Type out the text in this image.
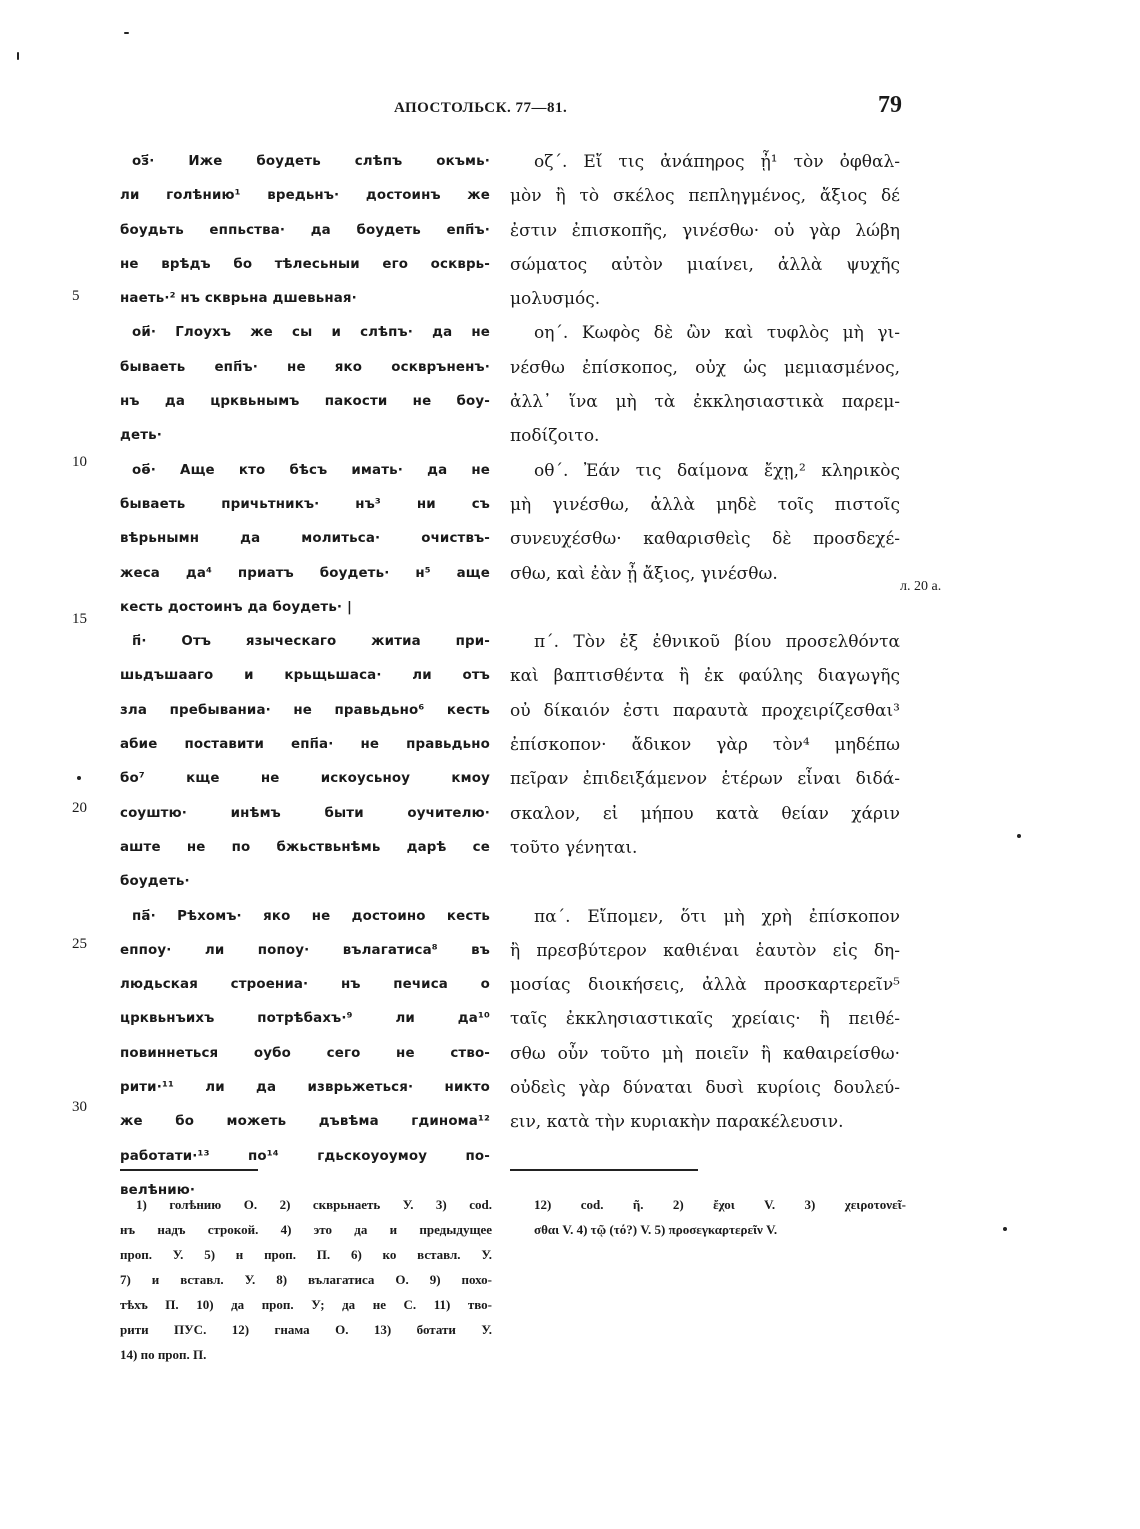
АПОСТОЛЬСК. 77—81.	79
5
10
15
20
25
30
оз҃· Иже боудеть слѣпъ окъмь·
ли голѣнию¹ вредьнъ· достоинъ же
боудьть еппьства· да боудеть епп҃ъ·
не врѣдъ бо тѣлесьныи его оскврь-
наеть·² нъ скврьна дшевьная·
ои҃· Глоухъ же сы и слѣпъ· да не
бываеть епп҃ъ· не яко осквръненъ·
нъ да црквьнымъ пакости не боу-
деть·
оѳ҃· Аще кто бѣсъ имать· да не
бываеть причьтникъ· нъ³ ни съ
вѣрьнымн да молитьса· очиствъ-
жеса да⁴ приатъ боудеть· н⁵ аще
кесть достоинъ да боудеть· |
п҃· Отъ языческаго житиа при-
шьдъшааго и крьщьшаса· ли отъ
зла пребываниа· не правьдьно⁶ кесть
абие поставити епп҃а· не правьдьно
бо⁷ кще не искоусьноу кмоу
соуштю· инѣмъ быти оучителю·
аште не по бжьствьнѣмь дарѣ се
боудеть·
па҃· Рѣхомъ· яко не достоино кесть
еппоу· ли попоу· вълагатиса⁸ въ
людьская строениа· нъ печиса о
црквьнъихъ потрѣбахъ·⁹ ли да¹⁰
повиннеться оубо сего не ство-
рити·¹¹ ли да изврьжеться· никто
же бо можеть дъвѣма гдинома¹²
работати·¹³ по¹⁴ гдьскоуоумоу по-
велѣнию·
οζ΄. Εἴ τις ἀνάπηρος ᾖ¹ τὸν ὀφθαλ-
μὸν ἢ τὸ σκέλος πεπληγμένος, ἄξιος δέ
ἐστιν ἐπισκοπῆς, γινέσθω· οὐ γὰρ λώβη
σώματος αὐτὸν μιαίνει, ἀλλὰ ψυχῆς
μολυσμός.
οη΄. Κωφὸς δὲ ὢν καὶ τυφλὸς μὴ γι-
νέσθω ἐπίσκοπος, οὐχ ὡς μεμιασμένος,
ἀλλ᾽ ἵνα μὴ τὰ ἐκκλησιαστικὰ παρεμ-
ποδίζοιτο.
οθ΄. Ἐάν τις δαίμονα ἔχῃ,² κληρικὸς
μὴ γινέσθω, ἀλλὰ μηδὲ τοῖς πιστοῖς
συνευχέσθω· καθαρισθεὶς δὲ προσδεχέ-
σθω, καὶ ἐὰν ᾖ ἄξιος, γινέσθω.
π΄. Τὸν ἐξ ἐθνικοῦ βίου προσελθόντα
καὶ βαπτισθέντα ἢ ἐκ φαύλης διαγωγῆς
οὐ δίκαιόν ἐστι παραυτὰ προχειρίζεσθαι³
ἐπίσκοπον· ἄδικον γὰρ τὸν⁴ μηδέπω
πεῖραν ἐπιδειξάμενον ἑτέρων εἶναι διδά-
σκαλον, εἰ μήπου κατὰ θείαν χάριν
τοῦτο γένηται.
πα΄. Εἴπομεν, ὅτι μὴ χρὴ ἐπίσκοπον
ἢ πρεσβύτερον καθιέναι ἑαυτὸν εἰς δη-
μοσίας διοικήσεις, ἀλλὰ προσκαρτερεῖν⁵
ταῖς ἐκκλησιαστικαῖς χρείαις· ἢ πειθέ-
σθω οὖν τοῦτο μὴ ποιεῖν ἢ καθαιρείσθω·
οὐδεὶς γὰρ δύναται δυσὶ κυρίοις δουλεύ-
ειν, κατὰ τὴν κυριακὴν παρακέλευσιν.
л. 20 а.
1) голѣнию О. 2) скврьнаеть У. 3) cod.
нъ надъ строкой. 4) это да и предыдущее
проп. У. 5) н проп. П. 6) ко вставл. У.
7) и вставл. У. 8) вълагатиса О. 9) похо-
тѣхъ П. 10) да проп. У; да не С. 11) тво-
рити ПУС. 12) гнама О. 13) ботати У.
14) по проп. П.
12) cod. ῆ. 2) ἔχοι V. 3) χειροτονεῖ-
σθαι V. 4) τῷ (τό?) V. 5) προσεγκαρτερεῖν V.
